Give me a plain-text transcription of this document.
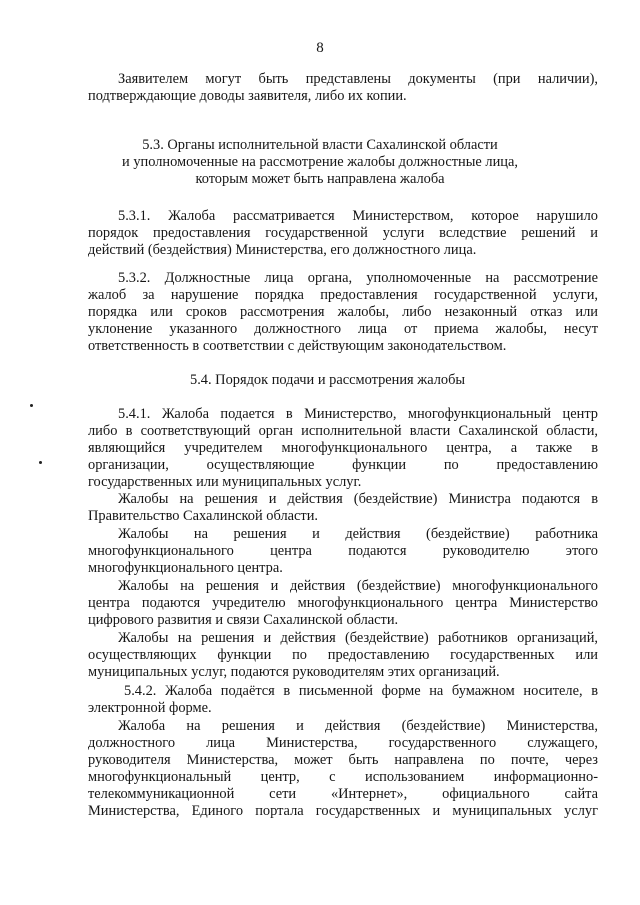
8
Заявителем могут быть представлены документы (при наличии),
подтверждающие доводы заявителя, либо их копии.
5.3. Органы исполнительной власти Сахалинской области
и уполномоченные на рассмотрение жалобы должностные лица,
которым может быть направлена жалоба
5.3.1. Жалоба рассматривается Министерством, которое нарушило
порядок предоставления государственной услуги вследствие решений и
действий (бездействия) Министерства, его должностного лица.
5.3.2. Должностные лица органа, уполномоченные на рассмотрение
жалоб за нарушение порядка предоставления государственной услуги,
порядка или сроков рассмотрения жалобы, либо незаконный отказ или
уклонение указанного должностного лица от приема жалобы, несут
ответственность в соответствии с действующим законодательством.
5.4. Порядок подачи и рассмотрения жалобы
5.4.1. Жалоба подается в Министерство, многофункциональный центр
либо в соответствующий орган исполнительной власти Сахалинской области,
являющийся учредителем многофункционального центра, а также в
организации, осуществляющие функции по предоставлению
государственных или муниципальных услуг.
Жалобы на решения и действия (бездействие) Министра подаются в
Правительство Сахалинской области.
Жалобы на решения и действия (бездействие) работника
многофункционального центра подаются руководителю этого
многофункционального центра.
Жалобы на решения и действия (бездействие) многофункционального
центра подаются учредителю многофункционального центра Министерство
цифрового развития и связи Сахалинской области.
Жалобы на решения и действия (бездействие) работников организаций,
осуществляющих функции по предоставлению государственных или
муниципальных услуг, подаются руководителям этих организаций.
5.4.2. Жалоба подаётся в письменной форме на бумажном носителе, в
электронной форме.
Жалоба на решения и действия (бездействие) Министерства,
должностного лица Министерства, государственного служащего,
руководителя Министерства, может быть направлена по почте, через
многофункциональный центр, с использованием информационно-
телекоммуникационной сети «Интернет», официального сайта
Министерства, Единого портала государственных и муниципальных услуг
